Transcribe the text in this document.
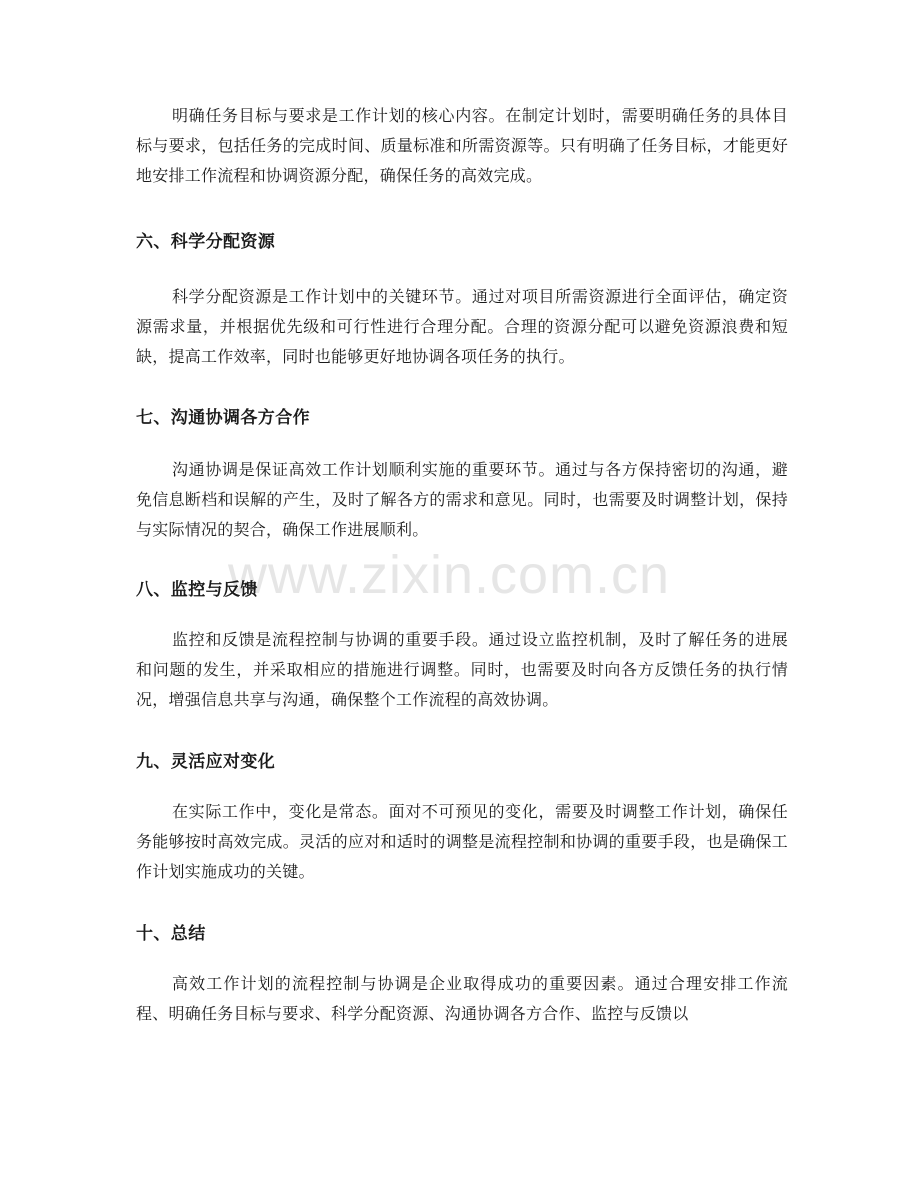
www.zixin.com.cn

明确任务目标与要求是工作计划的核心内容。在制定计划时，需要明确任务的具体目标与要求，包括任务的完成时间、质量标准和所需资源等。只有明确了任务目标，才能更好地安排工作流程和协调资源分配，确保任务的高效完成。

六、科学分配资源

科学分配资源是工作计划中的关键环节。通过对项目所需资源进行全面评估，确定资源需求量，并根据优先级和可行性进行合理分配。合理的资源分配可以避免资源浪费和短缺，提高工作效率，同时也能够更好地协调各项任务的执行。

七、沟通协调各方合作

沟通协调是保证高效工作计划顺利实施的重要环节。通过与各方保持密切的沟通，避免信息断档和误解的产生，及时了解各方的需求和意见。同时，也需要及时调整计划，保持与实际情况的契合，确保工作进展顺利。

八、监控与反馈

监控和反馈是流程控制与协调的重要手段。通过设立监控机制，及时了解任务的进展和问题的发生，并采取相应的措施进行调整。同时，也需要及时向各方反馈任务的执行情况，增强信息共享与沟通，确保整个工作流程的高效协调。

九、灵活应对变化

在实际工作中，变化是常态。面对不可预见的变化，需要及时调整工作计划，确保任务能够按时高效完成。灵活的应对和适时的调整是流程控制和协调的重要手段，也是确保工作计划实施成功的关键。

十、总结

高效工作计划的流程控制与协调是企业取得成功的重要因素。通过合理安排工作流程、明确任务目标与要求、科学分配资源、沟通协调各方合作、监控与反馈以
